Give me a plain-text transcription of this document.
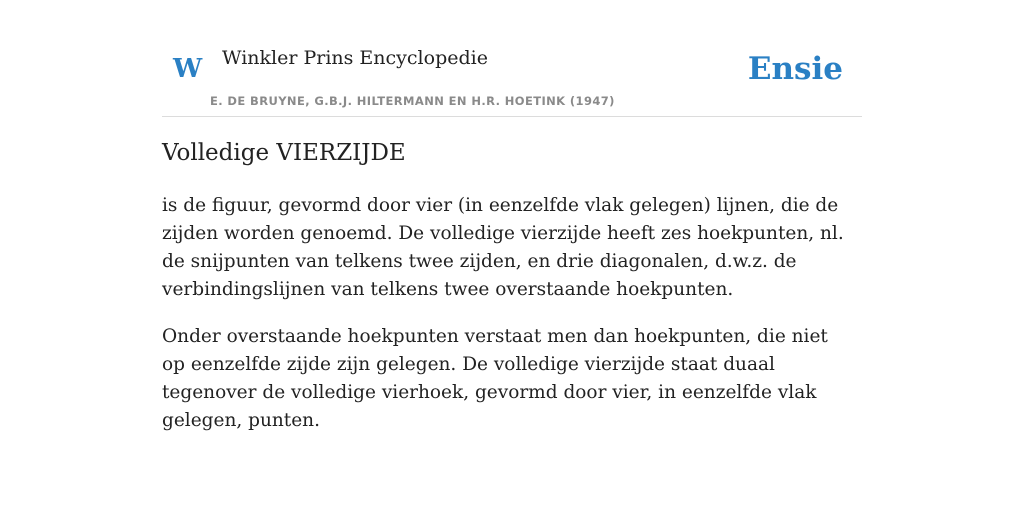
W Winkler Prins Encyclopedie
E. DE BRUYNE, G.B.J. HILTERMANN EN H.R. HOETINK (1947)
Ensie
Volledige VIERZIJDE

is de figuur, gevormd door vier (in eenzelfde vlak gelegen) lijnen, die de zijden worden genoemd. De volledige vierzijde heeft zes hoekpunten, nl. de snijpunten van telkens twee zijden, en drie diagonalen, d.w.z. de verbindingslijnen van telkens twee overstaande hoekpunten.

Onder overstaande hoekpunten verstaat men dan hoekpunten, die niet op eenzelfde zijde zijn gelegen. De volledige vierzijde staat duaal tegenover de volledige vierhoek, gevormd door vier, in eenzelfde vlak gelegen, punten.
